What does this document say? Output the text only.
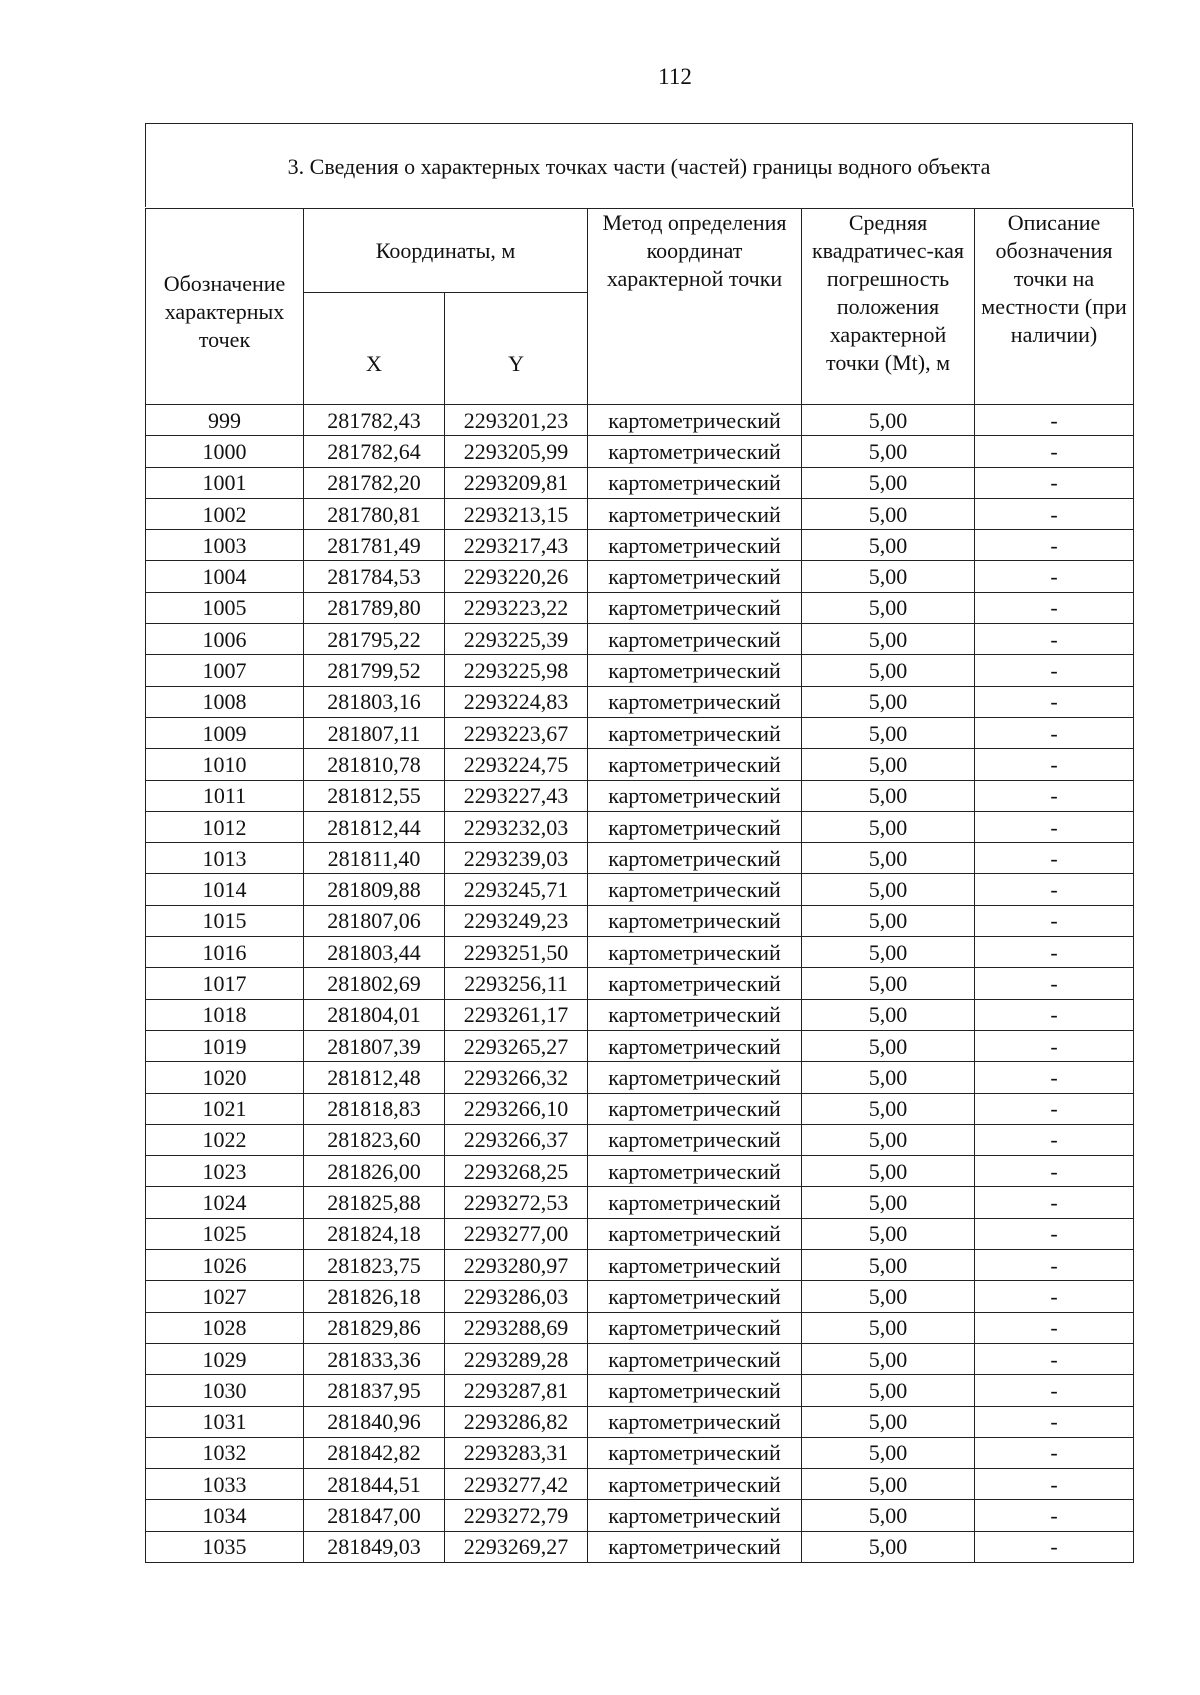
112
3. Сведения о характерных точках части (частей) границы водного объекта
Обозначение характерных точек	Координаты, м		Метод определения координат характерной точки	Средняя квадратичес-кая погрешность положения характерной точки (Mt), м	Описание обозначения точки на местности (при наличии)
	X	Y			
999	281782,43	2293201,23	картометрический	5,00	-
1000	281782,64	2293205,99	картометрический	5,00	-
1001	281782,20	2293209,81	картометрический	5,00	-
1002	281780,81	2293213,15	картометрический	5,00	-
1003	281781,49	2293217,43	картометрический	5,00	-
1004	281784,53	2293220,26	картометрический	5,00	-
1005	281789,80	2293223,22	картометрический	5,00	-
1006	281795,22	2293225,39	картометрический	5,00	-
1007	281799,52	2293225,98	картометрический	5,00	-
1008	281803,16	2293224,83	картометрический	5,00	-
1009	281807,11	2293223,67	картометрический	5,00	-
1010	281810,78	2293224,75	картометрический	5,00	-
1011	281812,55	2293227,43	картометрический	5,00	-
1012	281812,44	2293232,03	картометрический	5,00	-
1013	281811,40	2293239,03	картометрический	5,00	-
1014	281809,88	2293245,71	картометрический	5,00	-
1015	281807,06	2293249,23	картометрический	5,00	-
1016	281803,44	2293251,50	картометрический	5,00	-
1017	281802,69	2293256,11	картометрический	5,00	-
1018	281804,01	2293261,17	картометрический	5,00	-
1019	281807,39	2293265,27	картометрический	5,00	-
1020	281812,48	2293266,32	картометрический	5,00	-
1021	281818,83	2293266,10	картометрический	5,00	-
1022	281823,60	2293266,37	картометрический	5,00	-
1023	281826,00	2293268,25	картометрический	5,00	-
1024	281825,88	2293272,53	картометрический	5,00	-
1025	281824,18	2293277,00	картометрический	5,00	-
1026	281823,75	2293280,97	картометрический	5,00	-
1027	281826,18	2293286,03	картометрический	5,00	-
1028	281829,86	2293288,69	картометрический	5,00	-
1029	281833,36	2293289,28	картометрический	5,00	-
1030	281837,95	2293287,81	картометрический	5,00	-
1031	281840,96	2293286,82	картометрический	5,00	-
1032	281842,82	2293283,31	картометрический	5,00	-
1033	281844,51	2293277,42	картометрический	5,00	-
1034	281847,00	2293272,79	картометрический	5,00	-
1035	281849,03	2293269,27	картометрический	5,00	-
